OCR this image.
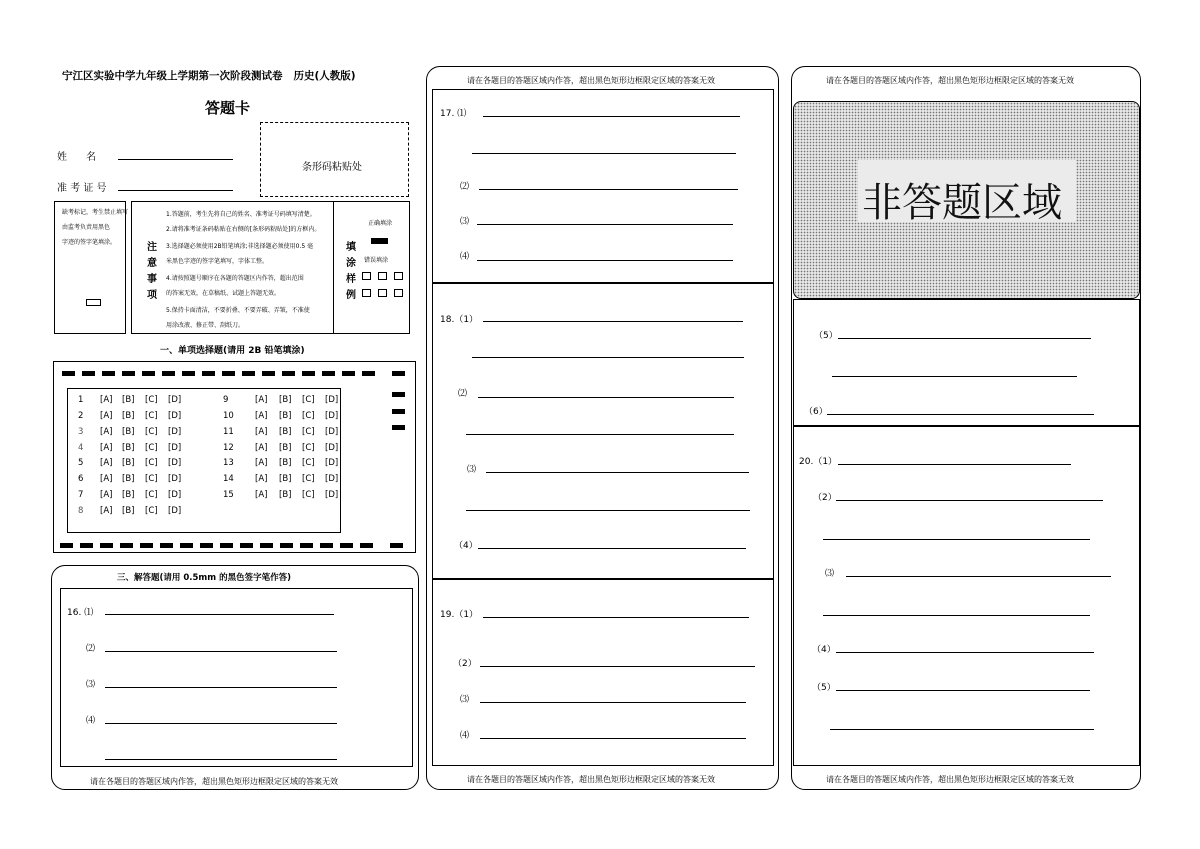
宁江区实验中学九年级上学期第一次阶段测试卷 历史(人教版)
答题卡
姓      名
准 考 证 号
条形码粘贴处
缺考标记，考生禁止填写
由监考负责用黑色
字迹的签字笔填涂。	注
意
事
项
1.答题前，考生先将自己的姓名、准考证号码填写清楚。
2.请将准考证条码粘贴在右侧的[条形码粘贴处]的方框内。
3.选择题必须使用2B铅笔填涂;非选择题必须使用0.5 毫
米黑色字迹的签字笔填写，字体工整。
4.请按照题号顺序在各题的答题区内作答，超出范围
的答案无效，在草稿纸、试题上答题无效。
5.保持卡面清洁，不要折叠、不要弄破、弄皱，不准使
用涂改液、修正带、刮纸刀。
填
涂
样
例
正确填涂
错误填涂
一、单项选择题(请用 2B 铅笔填涂)
1 [A] [B] [C] [D]
2 [A] [B] [C] [D]
3 [A] [B] [C] [D]
4 [A] [B] [C] [D]
5 [A] [B] [C] [D]
6 [A] [B] [C] [D]
7 [A] [B] [C] [D]
8 [A] [B] [C] [D]
9	[A] [B] [C] [D]
10 [A] [B] [C] [D]
11 [A] [B] [C] [D]
12 [A] [B] [C] [D]
13 [A] [B] [C] [D]
14 [A] [B] [C] [D]
15 [A] [B] [C] [D]
三、解答题(请用 0.5mm 的黑色签字笔作答)
16. ⑴
⑵
⑶
⑷
请在各题目的答题区域内作答，超出黑色矩形边框限定区域的答案无效
请在各题目的答题区域内作答，超出黑色矩形边框限定区域的答案无效
17. ⑴
⑵
⑶
⑷
18.（1）
⑵
⑶
（4）
19.（1）
（2）
⑶
⑷
请在各题目的答题区域内作答，超出黑色矩形边框限定区域的答案无效
请在各题目的答题区域内作答，超出黑色矩形边框限定区域的答案无效
非答题区域
（5）
（6）
20.（1）
（2）
⑶
（4）
（5）
请在各题目的答题区域内作答，超出黑色矩形边框限定区域的答案无效
